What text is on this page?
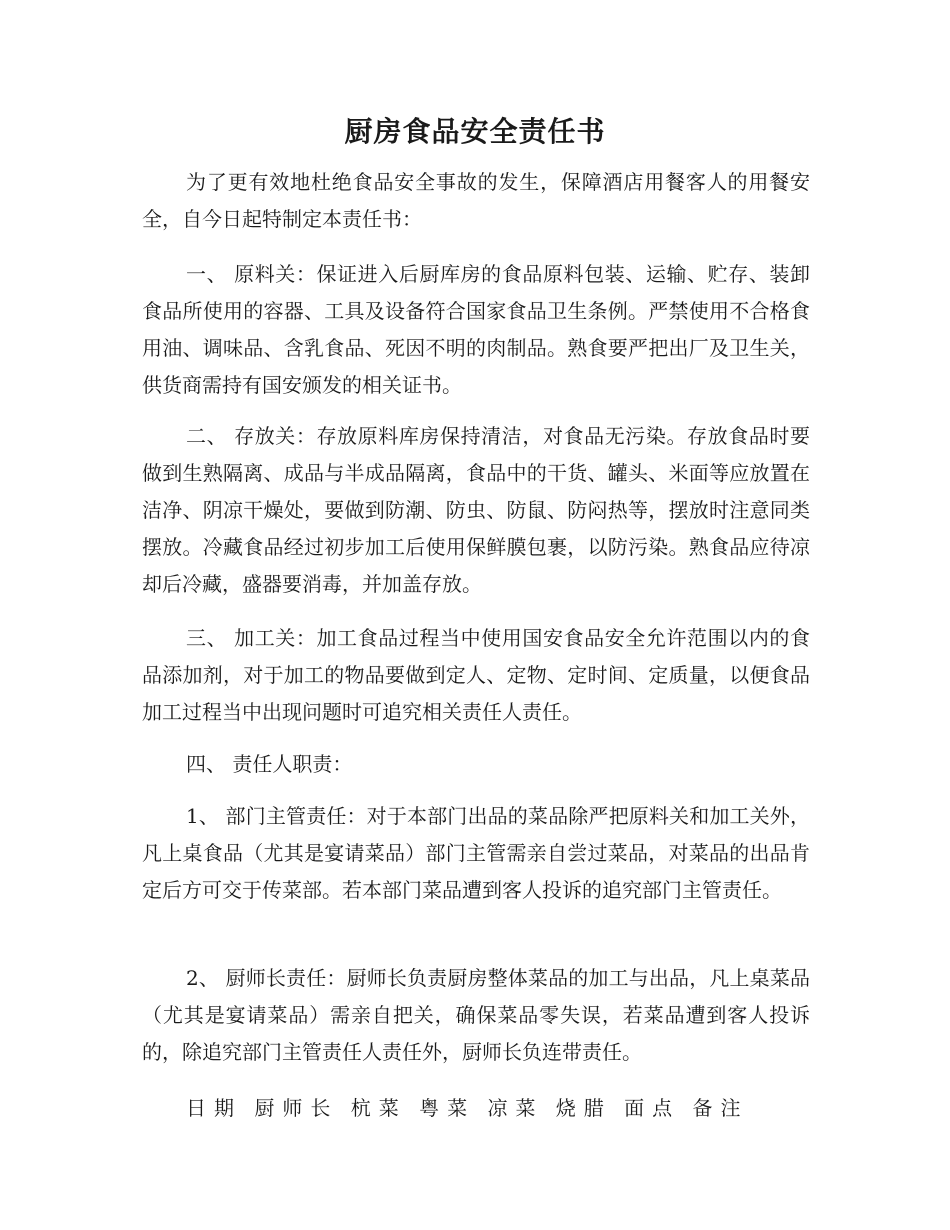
厨房食品安全责任书

为了更有效地杜绝食品安全事故的发生，保障酒店用餐客人的用餐安全，自今日起特制定本责任书：

一、 原料关：保证进入后厨库房的食品原料包装、运输、贮存、装卸食品所使用的容器、工具及设备符合国家食品卫生条例。严禁使用不合格食用油、调味品、含乳食品、死因不明的肉制品。熟食要严把出厂及卫生关，供货商需持有国安颁发的相关证书。

二、 存放关：存放原料库房保持清洁，对食品无污染。存放食品时要做到生熟隔离、成品与半成品隔离，食品中的干货、罐头、米面等应放置在洁净、阴凉干燥处，要做到防潮、防虫、防鼠、防闷热等，摆放时注意同类摆放。冷藏食品经过初步加工后使用保鲜膜包裹，以防污染。熟食品应待凉却后冷藏，盛器要消毒，并加盖存放。

三、 加工关：加工食品过程当中使用国安食品安全允许范围以内的食品添加剂，对于加工的物品要做到定人、定物、定时间、定质量，以便食品加工过程当中出现问题时可追究相关责任人责任。

四、 责任人职责：

1、 部门主管责任：对于本部门出品的菜品除严把原料关和加工关外，凡上桌食品（尤其是宴请菜品）部门主管需亲自尝过菜品，对菜品的出品肯定后方可交于传菜部。若本部门菜品遭到客人投诉的追究部门主管责任。

2、 厨师长责任：厨师长负责厨房整体菜品的加工与出品，凡上桌菜品（尤其是宴请菜品）需亲自把关，确保菜品零失误，若菜品遭到客人投诉的，除追究部门主管责任人责任外，厨师长负连带责任。

日期 厨师长 杭菜 粤菜 凉菜 烧腊 面点 备注
